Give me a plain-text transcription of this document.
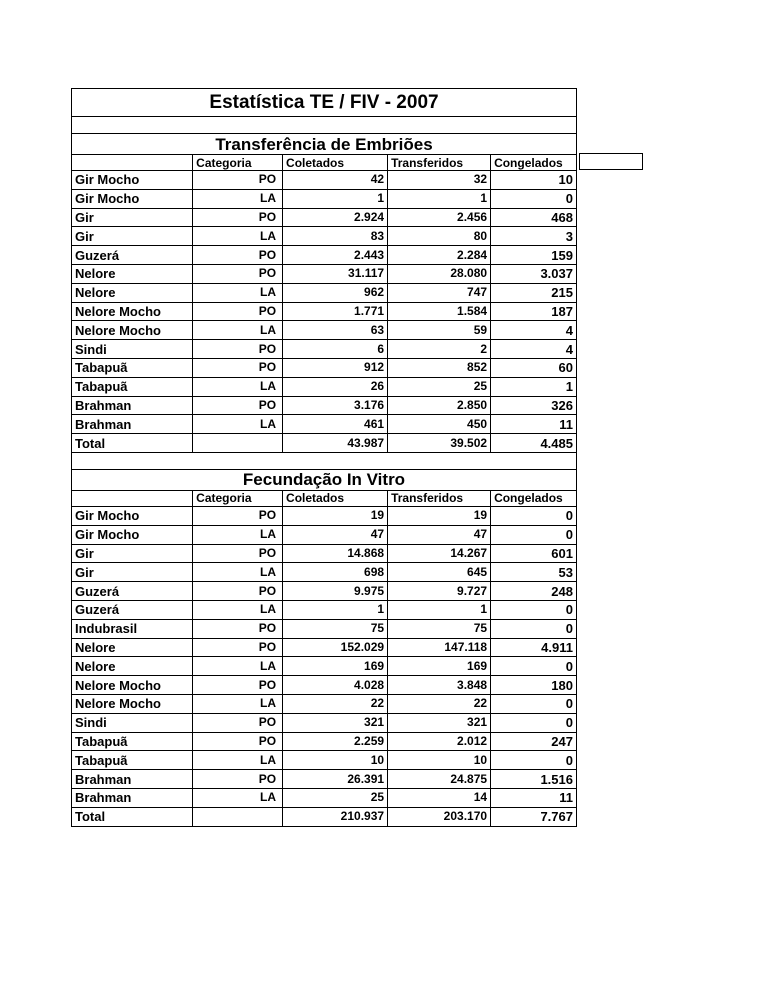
Estatística TE / FIV - 2007				

Transferência de Embriões				
	Categoria	Coletados	Transferidos	Congelados
Gir Mocho	PO	42	32	10
Gir Mocho	LA	1	1	0
Gir	PO	2.924	2.456	468
Gir	LA	83	80	3
Guzerá	PO	2.443	2.284	159
Nelore	PO	31.117	28.080	3.037
Nelore	LA	962	747	215
Nelore Mocho	PO	1.771	1.584	187
Nelore Mocho	LA	63	59	4
Sindi	PO	6	2	4
Tabapuã	PO	912	852	60
Tabapuã	LA	26	25	1
Brahman	PO	3.176	2.850	326
Brahman	LA	461	450	11
Total		43.987	39.502	4.485

Fecundação In Vitro				
	Categoria	Coletados	Transferidos	Congelados
Gir Mocho	PO	19	19	0
Gir Mocho	LA	47	47	0
Gir	PO	14.868	14.267	601
Gir	LA	698	645	53
Guzerá	PO	9.975	9.727	248
Guzerá	LA	1	1	0
Indubrasil	PO	75	75	0
Nelore	PO	152.029	147.118	4.911
Nelore	LA	169	169	0
Nelore Mocho	PO	4.028	3.848	180
Nelore Mocho	LA	22	22	0
Sindi	PO	321	321	0
Tabapuã	PO	2.259	2.012	247
Tabapuã	LA	10	10	0
Brahman	PO	26.391	24.875	1.516
Brahman	LA	25	14	11
Total		210.937	203.170	7.767
